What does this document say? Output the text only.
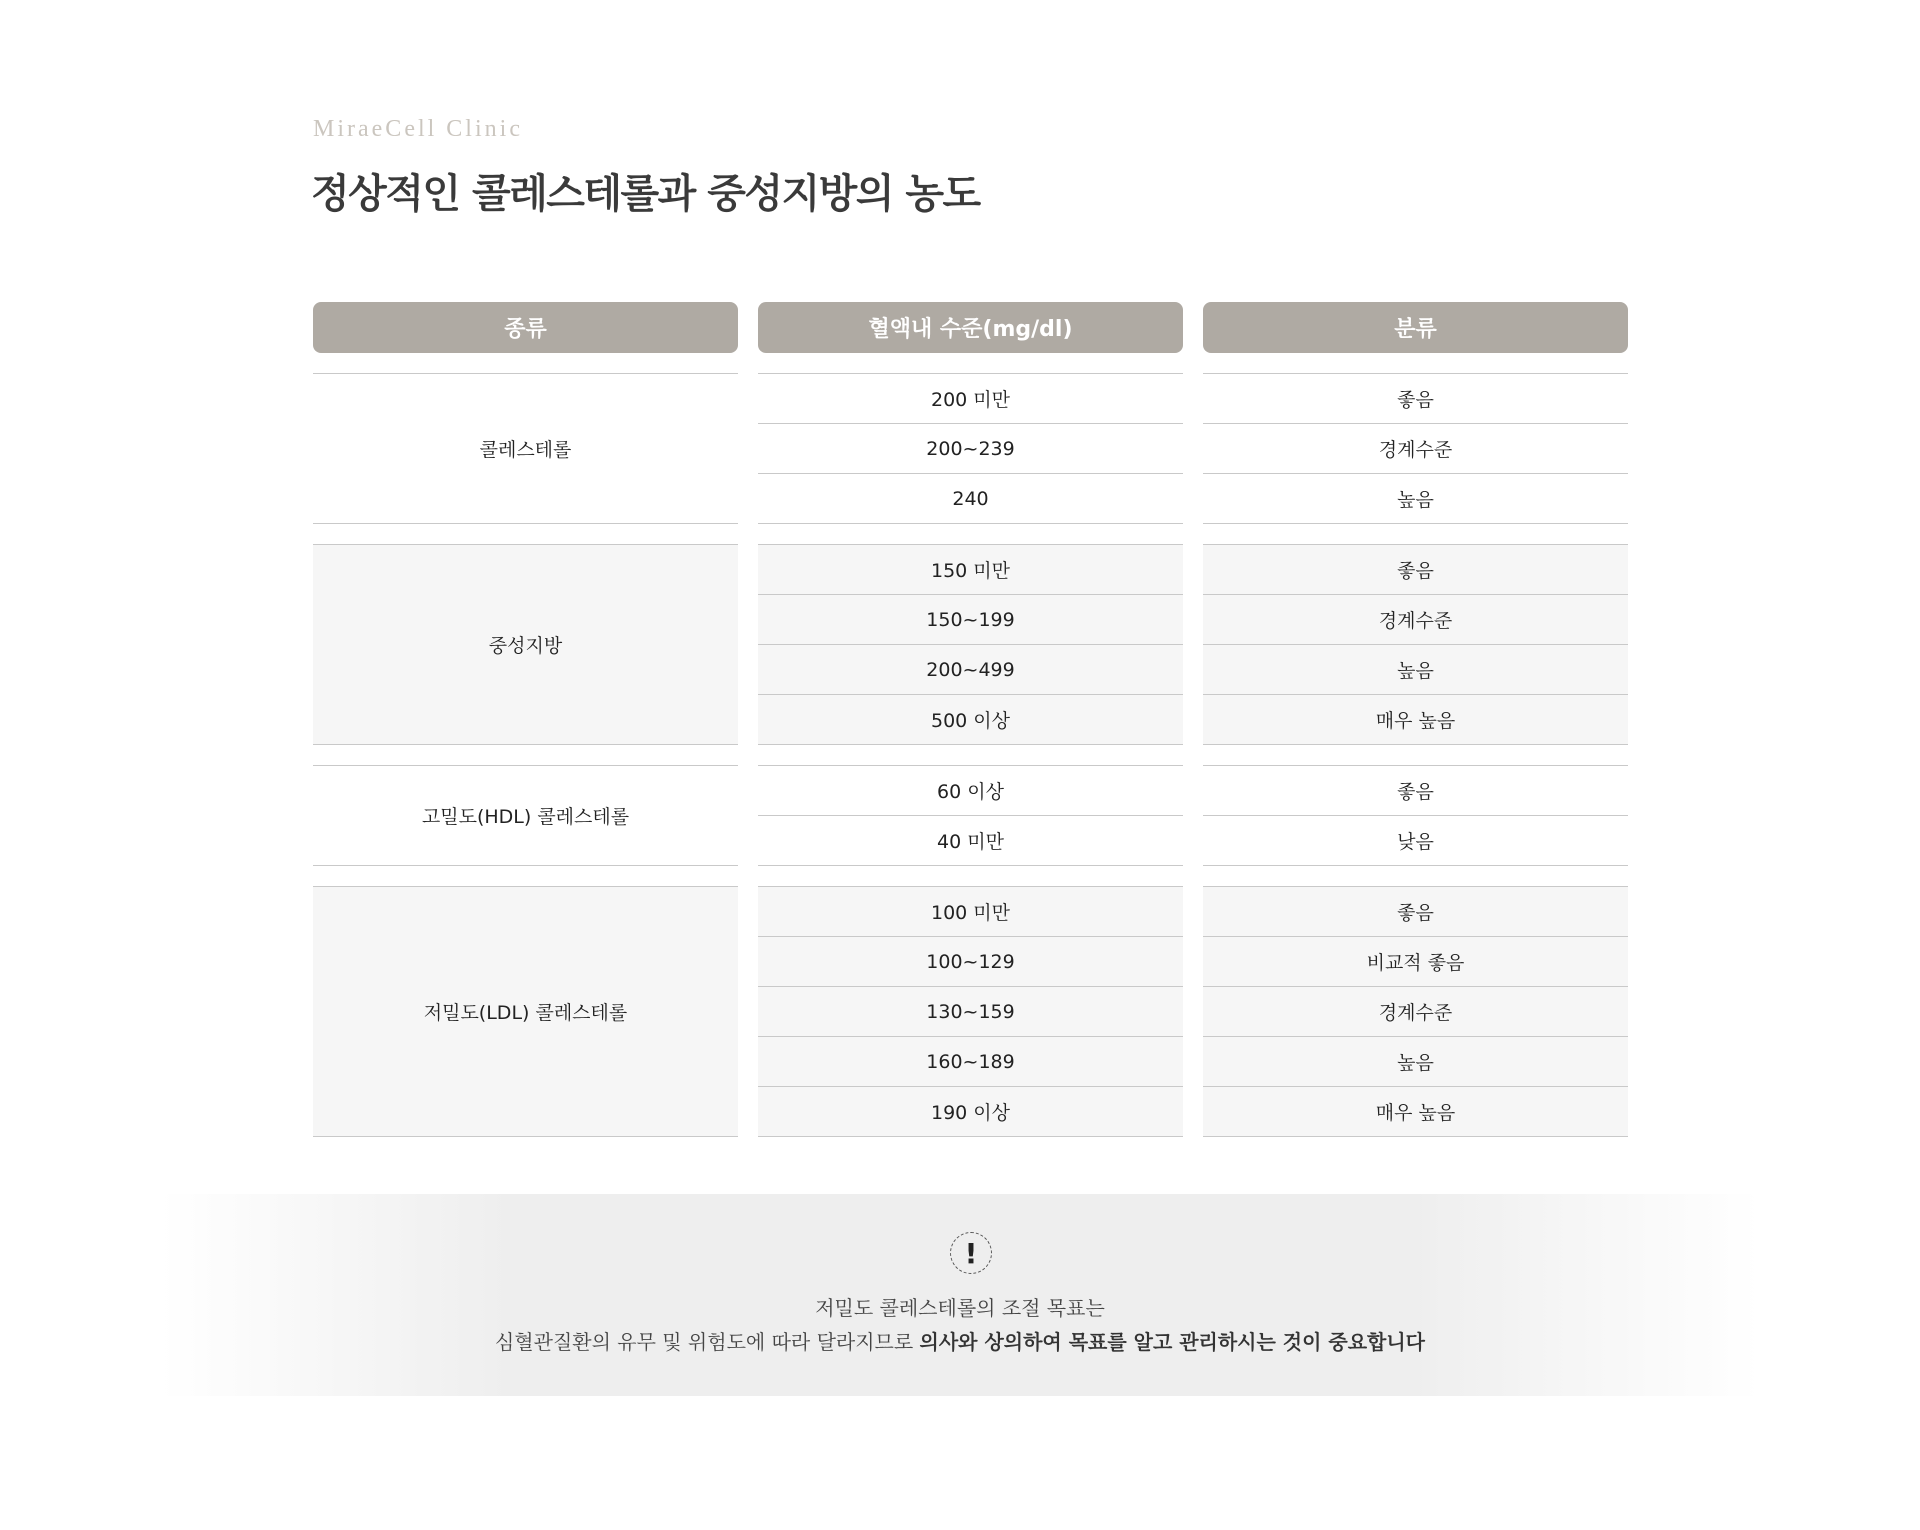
MiraeCell Clinic
정상적인 콜레스테롤과 중성지방의 농도
종류
콜레스테롤
중성지방
고밀도(HDL) 콜레스테롤
저밀도(LDL) 콜레스테롤
혈액내 수준(mg/dl)
200 미만
200~239
240
150 미만
150~199
200~499
500 이상
60 이상
40 미만
100 미만
100~129
130~159
160~189
190 이상
분류
좋음
경계수준
높음
좋음
경계수준
높음
매우 높음
좋음
낮음
좋음
비교적 좋음
경계수준
높음
매우 높음
!

저밀도 콜레스테롤의 조절 목표는

심혈관질환의 유무 및 위험도에 따라 달라지므로 의사와 상의하여 목표를 알고 관리하시는 것이 중요합니다
